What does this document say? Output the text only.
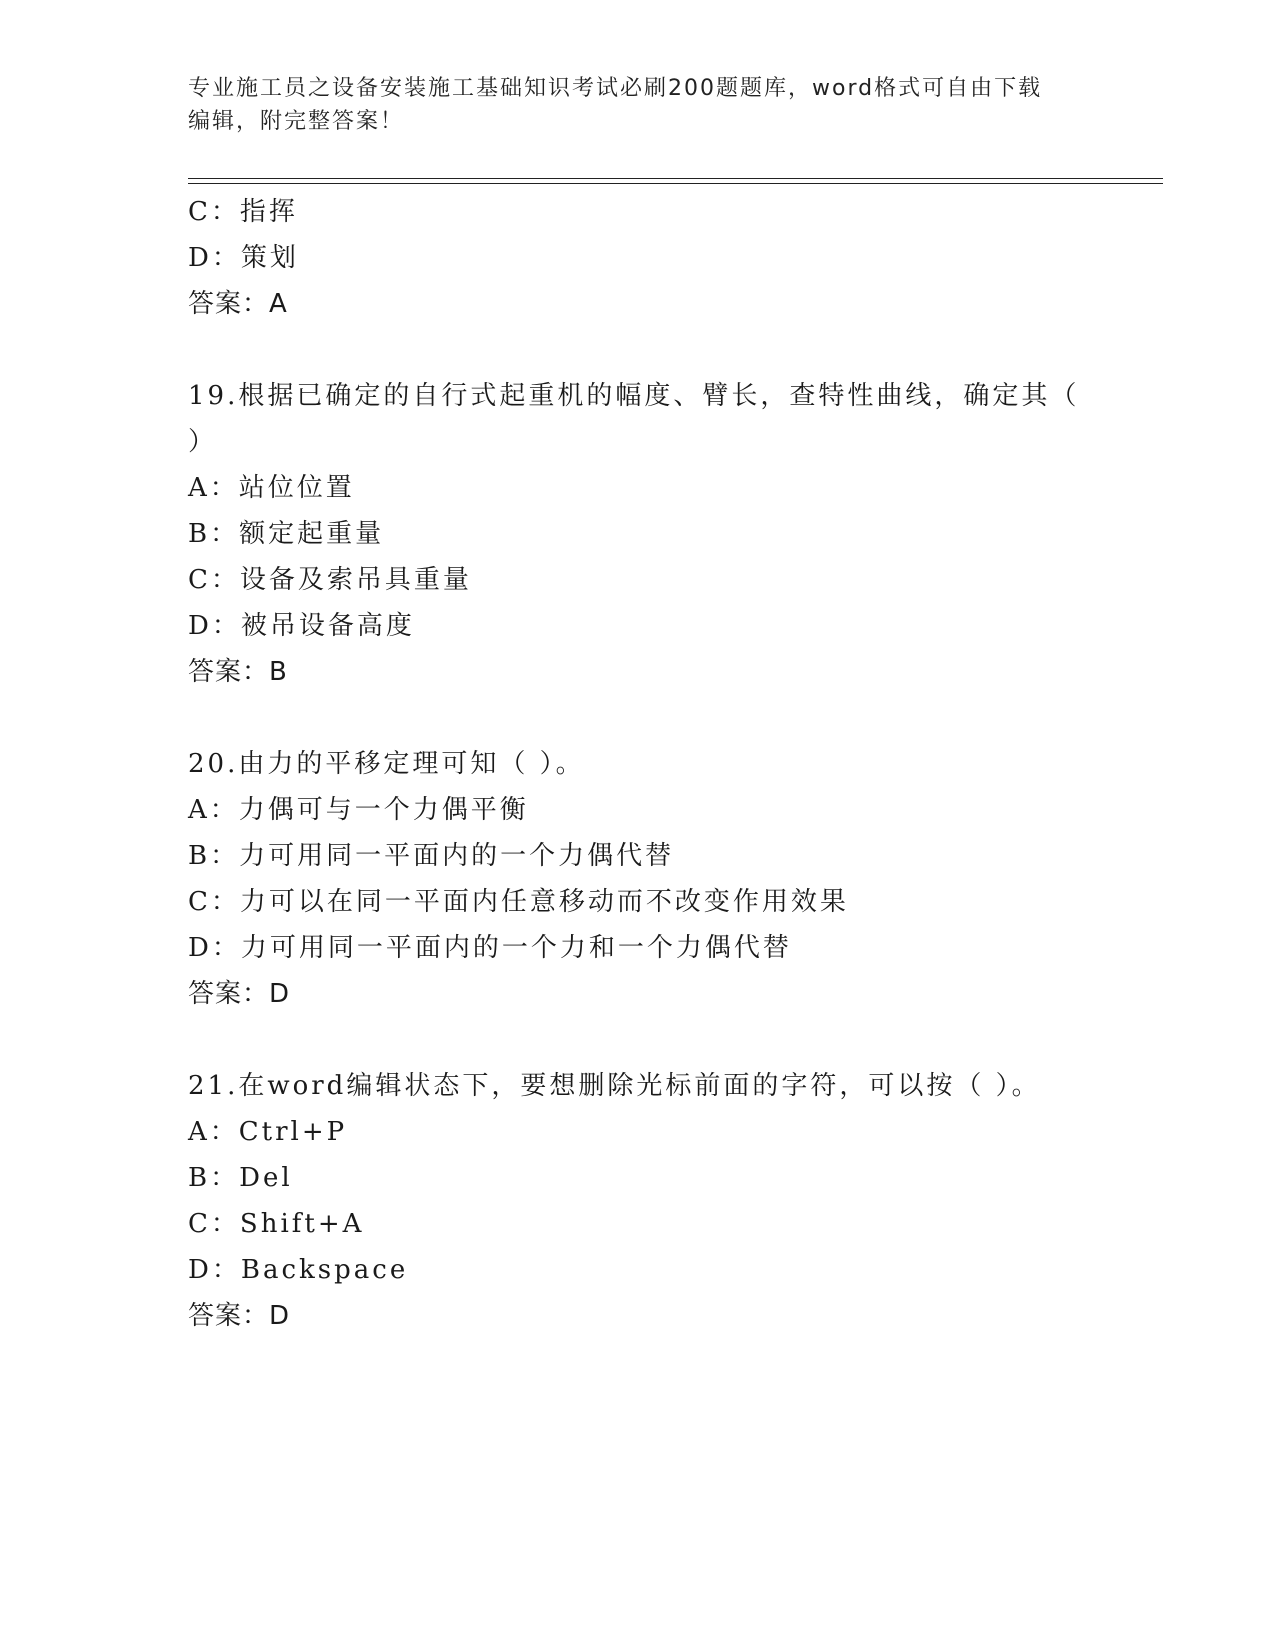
专业施工员之设备安装施工基础知识考试必刷200题题库，word格式可自由下载
编辑，附完整答案！
C：指挥
D：策划
答案：A
19.根据已确定的自行式起重机的幅度、臂长，查特性曲线，确定其（
）
A：站位位置
B：额定起重量
C：设备及索吊具重量
D：被吊设备高度
答案：B
20.由力的平移定理可知（ ）。
A：力偶可与一个力偶平衡
B：力可用同一平面内的一个力偶代替
C：力可以在同一平面内任意移动而不改变作用效果
D：力可用同一平面内的一个力和一个力偶代替
答案：D
21.在word编辑状态下，要想删除光标前面的字符，可以按（ ）。
A：Ctrl+P
B：Del
C：Shift+A
D：Backspace
答案：D
